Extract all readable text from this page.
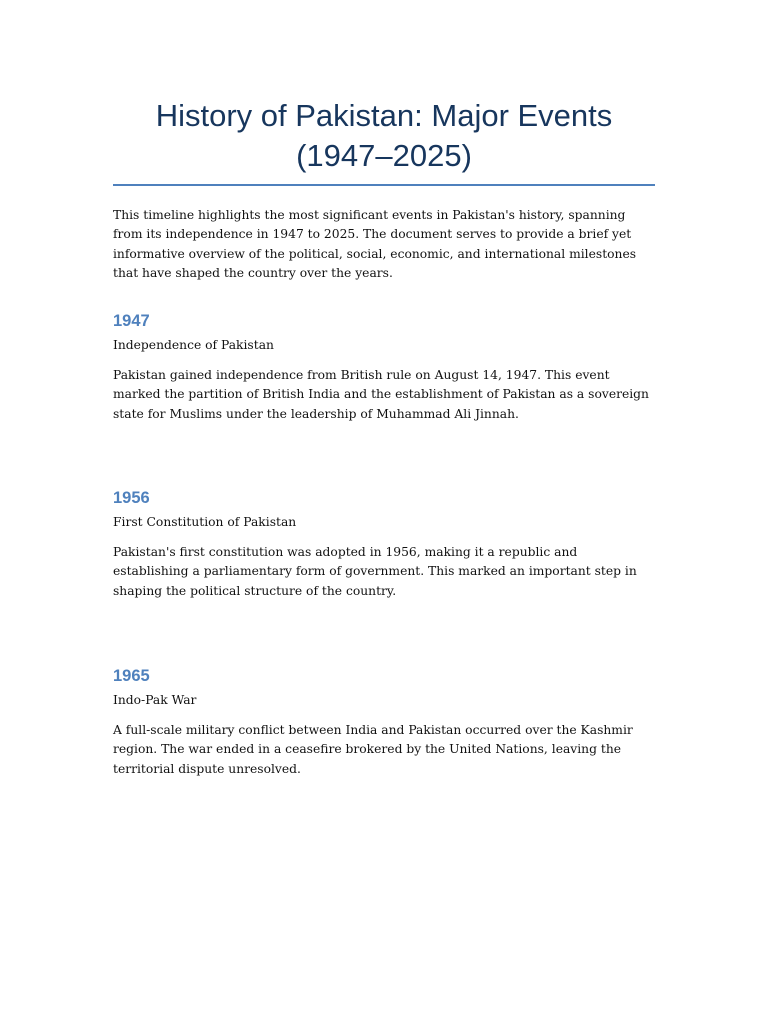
History of Pakistan: Major Events (1947–2025)

This timeline highlights the most significant events in Pakistan's history, spanning from its independence in 1947 to 2025. The document serves to provide a brief yet informative overview of the political, social, economic, and international milestones that have shaped the country over the years.

1947

Independence of Pakistan

Pakistan gained independence from British rule on August 14, 1947. This event marked the partition of British India and the establishment of Pakistan as a sovereign state for Muslims under the leadership of Muhammad Ali Jinnah.

1956

First Constitution of Pakistan

Pakistan's first constitution was adopted in 1956, making it a republic and establishing a parliamentary form of government. This marked an important step in shaping the political structure of the country.

1965

Indo-Pak War

A full-scale military conflict between India and Pakistan occurred over the Kashmir region. The war ended in a ceasefire brokered by the United Nations, leaving the territorial dispute unresolved.
